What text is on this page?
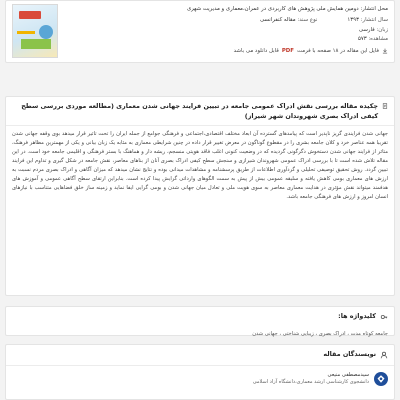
محل انتشار: دومین همایش ملی پژوهش های کاربردی در عمران،معماری و مدیریت شهری
سال انتشار: ۱۳۹۳
نوع سند: مقاله کنفرانسی
زبان: فارسی
مشاهده: ۵۷۳
فایل این مقاله در ۱۸ صفحه با فرمت
PDF
قابل دانلود می باشد
چکیده مقاله بررسی نقش ادراک عمومی جامعه در تبیین فرایند جهانی شدن معماری (مطالعه موردی بررسی سطح کیفی ادراک بصری شهروندان شهر شیراز)
جهانی شدن فرایندی گریز ناپذیر است که پیامدهای گسترده آن ابعاد مختلف اقتصادی،اجتماعی و فرهنگی جوامع از جمله ایران را تحت تاثیر قرار میدهد بوی وقفه جهانی شدن تقریبا همه عناصر خرد و کلان جامعه بشری را در مقطوع گوناگون در معرض تغییر قرار داده در چنین شرایطی معماری به مثابه یک زبان بیانی و یکی از مهمترین مظاهر فرهنگ، متاثر از فرایند جهانی شدن دستخوش دگرگونی گردیده که در وضعیت کنونی اغلب فاقد هویتی منسجم، ریشه دار و هماهنگ با بستر فرهنگی و اقلیمی جامعه خود است. در این مقاله تلاش شده است تا با بررسی ادراک عمومی شهروندان شیرازی و سنجش سطح کیفی ادراک بصری آنان از بناهای معاصر، نقش جامعه در شکل گیری و تداوم این فرایند تبیین گردد. روش تحقیق توصیفی تحلیلی و گردآوری اطلاعات از طریق پرسشنامه و مشاهدات میدانی بوده و نتایج نشان میدهد که میزان آگاهی و ادراک بصری مردم نسبت به ارزش های معماری بومی کاهش یافته و سلیقه عمومی بیش از پیش به سمت الگوهای وارداتی گرایش پیدا کرده است. بنابراین ارتقای سطح آگاهی عمومی و آموزش های هدفمند میتواند نقش مؤثری در هدایت معماری معاصر به سوی هویت ملی و تعادل میان جهانی شدن و بومی گرایی ایفا نماید و زمینه ساز خلق فضاهایی متناسب با نیازهای انسان امروز و ارزش های فرهنگی جامعه باشد.
کلیدواژه ها:
جامعه کوتاه مدت ، ادراک بصری ، زیبایی شناختی ، جهانی شدن
نویسندگان مقاله
سیدمصطفی منیعی
دانشجوی کارشناسی ارشد معماری،دانشگاه آزاد اسلامی
